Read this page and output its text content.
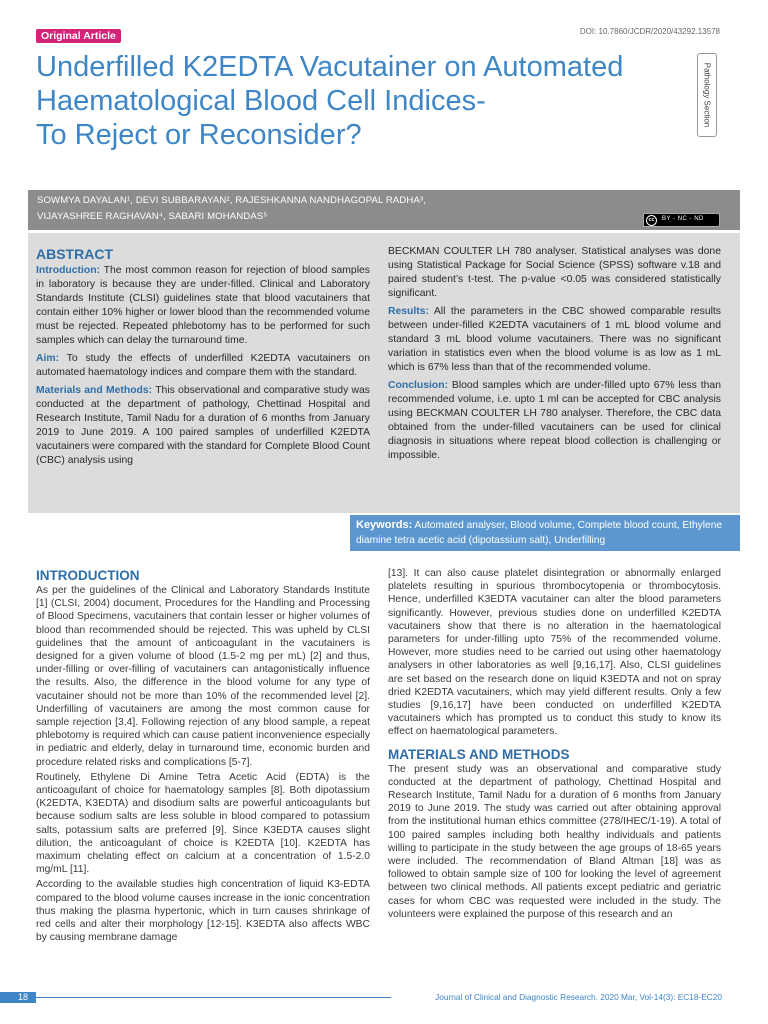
Original Article	DOI: 10.7860/JCDR/2020/43292.13578
Underfilled K2EDTA Vacutainer on Automated
Haematological Blood Cell Indices-
To Reject or Reconsider?
Pathology Section
SOWMYA DAYALAN¹, DEVI SUBBARAYAN², RAJESHKANNA NANDHAGOPAL RADHA³,
VIJAYASHREE RAGHAVAN⁴, SABARI MOHANDAS⁵	cc	BY - NC - ND
ABSTRACT

Introduction: The most common reason for rejection of blood samples in laboratory is because they are under-filled. Clinical and Laboratory Standards Institute (CLSI) guidelines state that blood vacutainers that contain either 10% higher or lower blood than the recommended volume must be rejected. Repeated phlebotomy has to be performed for such samples which can delay the turnaround time.

Aim: To study the effects of underfilled K2EDTA vacutainers on automated haematology indices and compare them with the standard.

Materials and Methods: This observational and comparative study was conducted at the department of pathology, Chettinad Hospital and Research Institute, Tamil Nadu for a duration of 6 months from January 2019 to June 2019. A 100 paired samples of underfilled K2EDTA vacutainers were compared with the standard for Complete Blood Count (CBC) analysis using

BECKMAN COULTER LH 780 analyser. Statistical analyses was done using Statistical Package for Social Science (SPSS) software v.18 and paired student’s t-test. The p-value <0.05 was considered statistically significant.

Results: All the parameters in the CBC showed comparable results between under-filled K2EDTA vacutainers of 1 mL blood volume and standard 3 mL blood volume vacutainers. There was no significant variation in statistics even when the blood volume is as low as 1 mL which is 67% less than that of the recommended volume.

Conclusion: Blood samples which are under-filled upto 67% less than recommended volume, i.e. upto 1 ml can be accepted for CBC analysis using BECKMAN COULTER LH 780 analyser. Therefore, the CBC data obtained from the under-filled vacutainers can be used for clinical diagnosis in situations where repeat blood collection is challenging or impossible.

Keywords: Automated analyser, Blood volume, Complete blood count, Ethylene diamine tetra acetic acid (dipotassium salt), Underfilling
INTRODUCTION

As per the guidelines of the Clinical and Laboratory Standards Institute [1] (CLSI, 2004) document, Procedures for the Handling and Processing of Blood Specimens, vacutainers that contain lesser or higher volumes of blood than recommended should be rejected. This was upheld by CLSI guidelines that the amount of anticoagulant in the vacutainers is designed for a given volume of blood (1.5-2 mg per mL) [2] and thus, under-filling or over-filling of vacutainers can antagonistically influence the results. Also, the difference in the blood volume for any type of vacutainer should not be more than 10% of the recommended level [2]. Underfilling of vacutainers are among the most common cause for sample rejection [3,4]. Following rejection of any blood sample, a repeat phlebotomy is required which can cause patient inconvenience especially in pediatric and elderly, delay in turnaround time, economic burden and procedure related risks and complications [5-7].

Routinely, Ethylene Di Amine Tetra Acetic Acid (EDTA) is the anticoagulant of choice for haematology samples [8]. Both dipotassium (K2EDTA, K3EDTA) and disodium salts are powerful anticoagulants but because sodium salts are less soluble in blood compared to potassium salts, potassium salts are preferred [9]. Since K3EDTA causes slight dilution, the anticoagulant of choice is K2EDTA [10]. K2EDTA has maximum chelating effect on calcium at a concentration of 1.5-2.0 mg/mL [11].

According to the available studies high concentration of liquid K3-EDTA compared to the blood volume causes increase in the ionic concentration thus making the plasma hypertonic, which in turn causes shrinkage of red cells and alter their morphology [12-15]. K3EDTA also affects WBC by causing membrane damage

[13]. It can also cause platelet disintegration or abnormally enlarged platelets resulting in spurious thrombocytopenia or thrombocytosis. Hence, underfilled K3EDTA vacutainer can alter the blood parameters significantly. However, previous studies done on underfilled K2EDTA vacutainers show that there is no alteration in the haematological parameters for under-filling upto 75% of the recommended volume. However, more studies need to be carried out using other haematology analysers in other laboratories as well [9,16,17]. Also, CLSI guidelines are set based on the research done on liquid K3EDTA and not on spray dried K2EDTA vacutainers, which may yield different results. Only a few studies [9,16,17] have been conducted on underfilled K2EDTA vacutainers which has prompted us to conduct this study to know its effect on haematological parameters.

MATERIALS AND METHODS

The present study was an observational and comparative study conducted at the department of pathology, Chettinad Hospital and Research Institute, Tamil Nadu for a duration of 6 months from January 2019 to June 2019. The study was carried out after obtaining approval from the institutional human ethics committee (278/IHEC/1-19). A total of 100 paired samples including both healthy individuals and patients willing to participate in the study between the age groups of 18-65 years were included. The recommendation of Bland Altman [18] was as followed to obtain sample size of 100 for looking the level of agreement between two clinical methods. All patients except pediatric and geriatric cases for whom CBC was requested were included in the study. The volunteers were explained the purpose of this research and an

18	Journal of Clinical and Diagnostic Research. 2020 Mar, Vol-14(3): EC18-EC20
